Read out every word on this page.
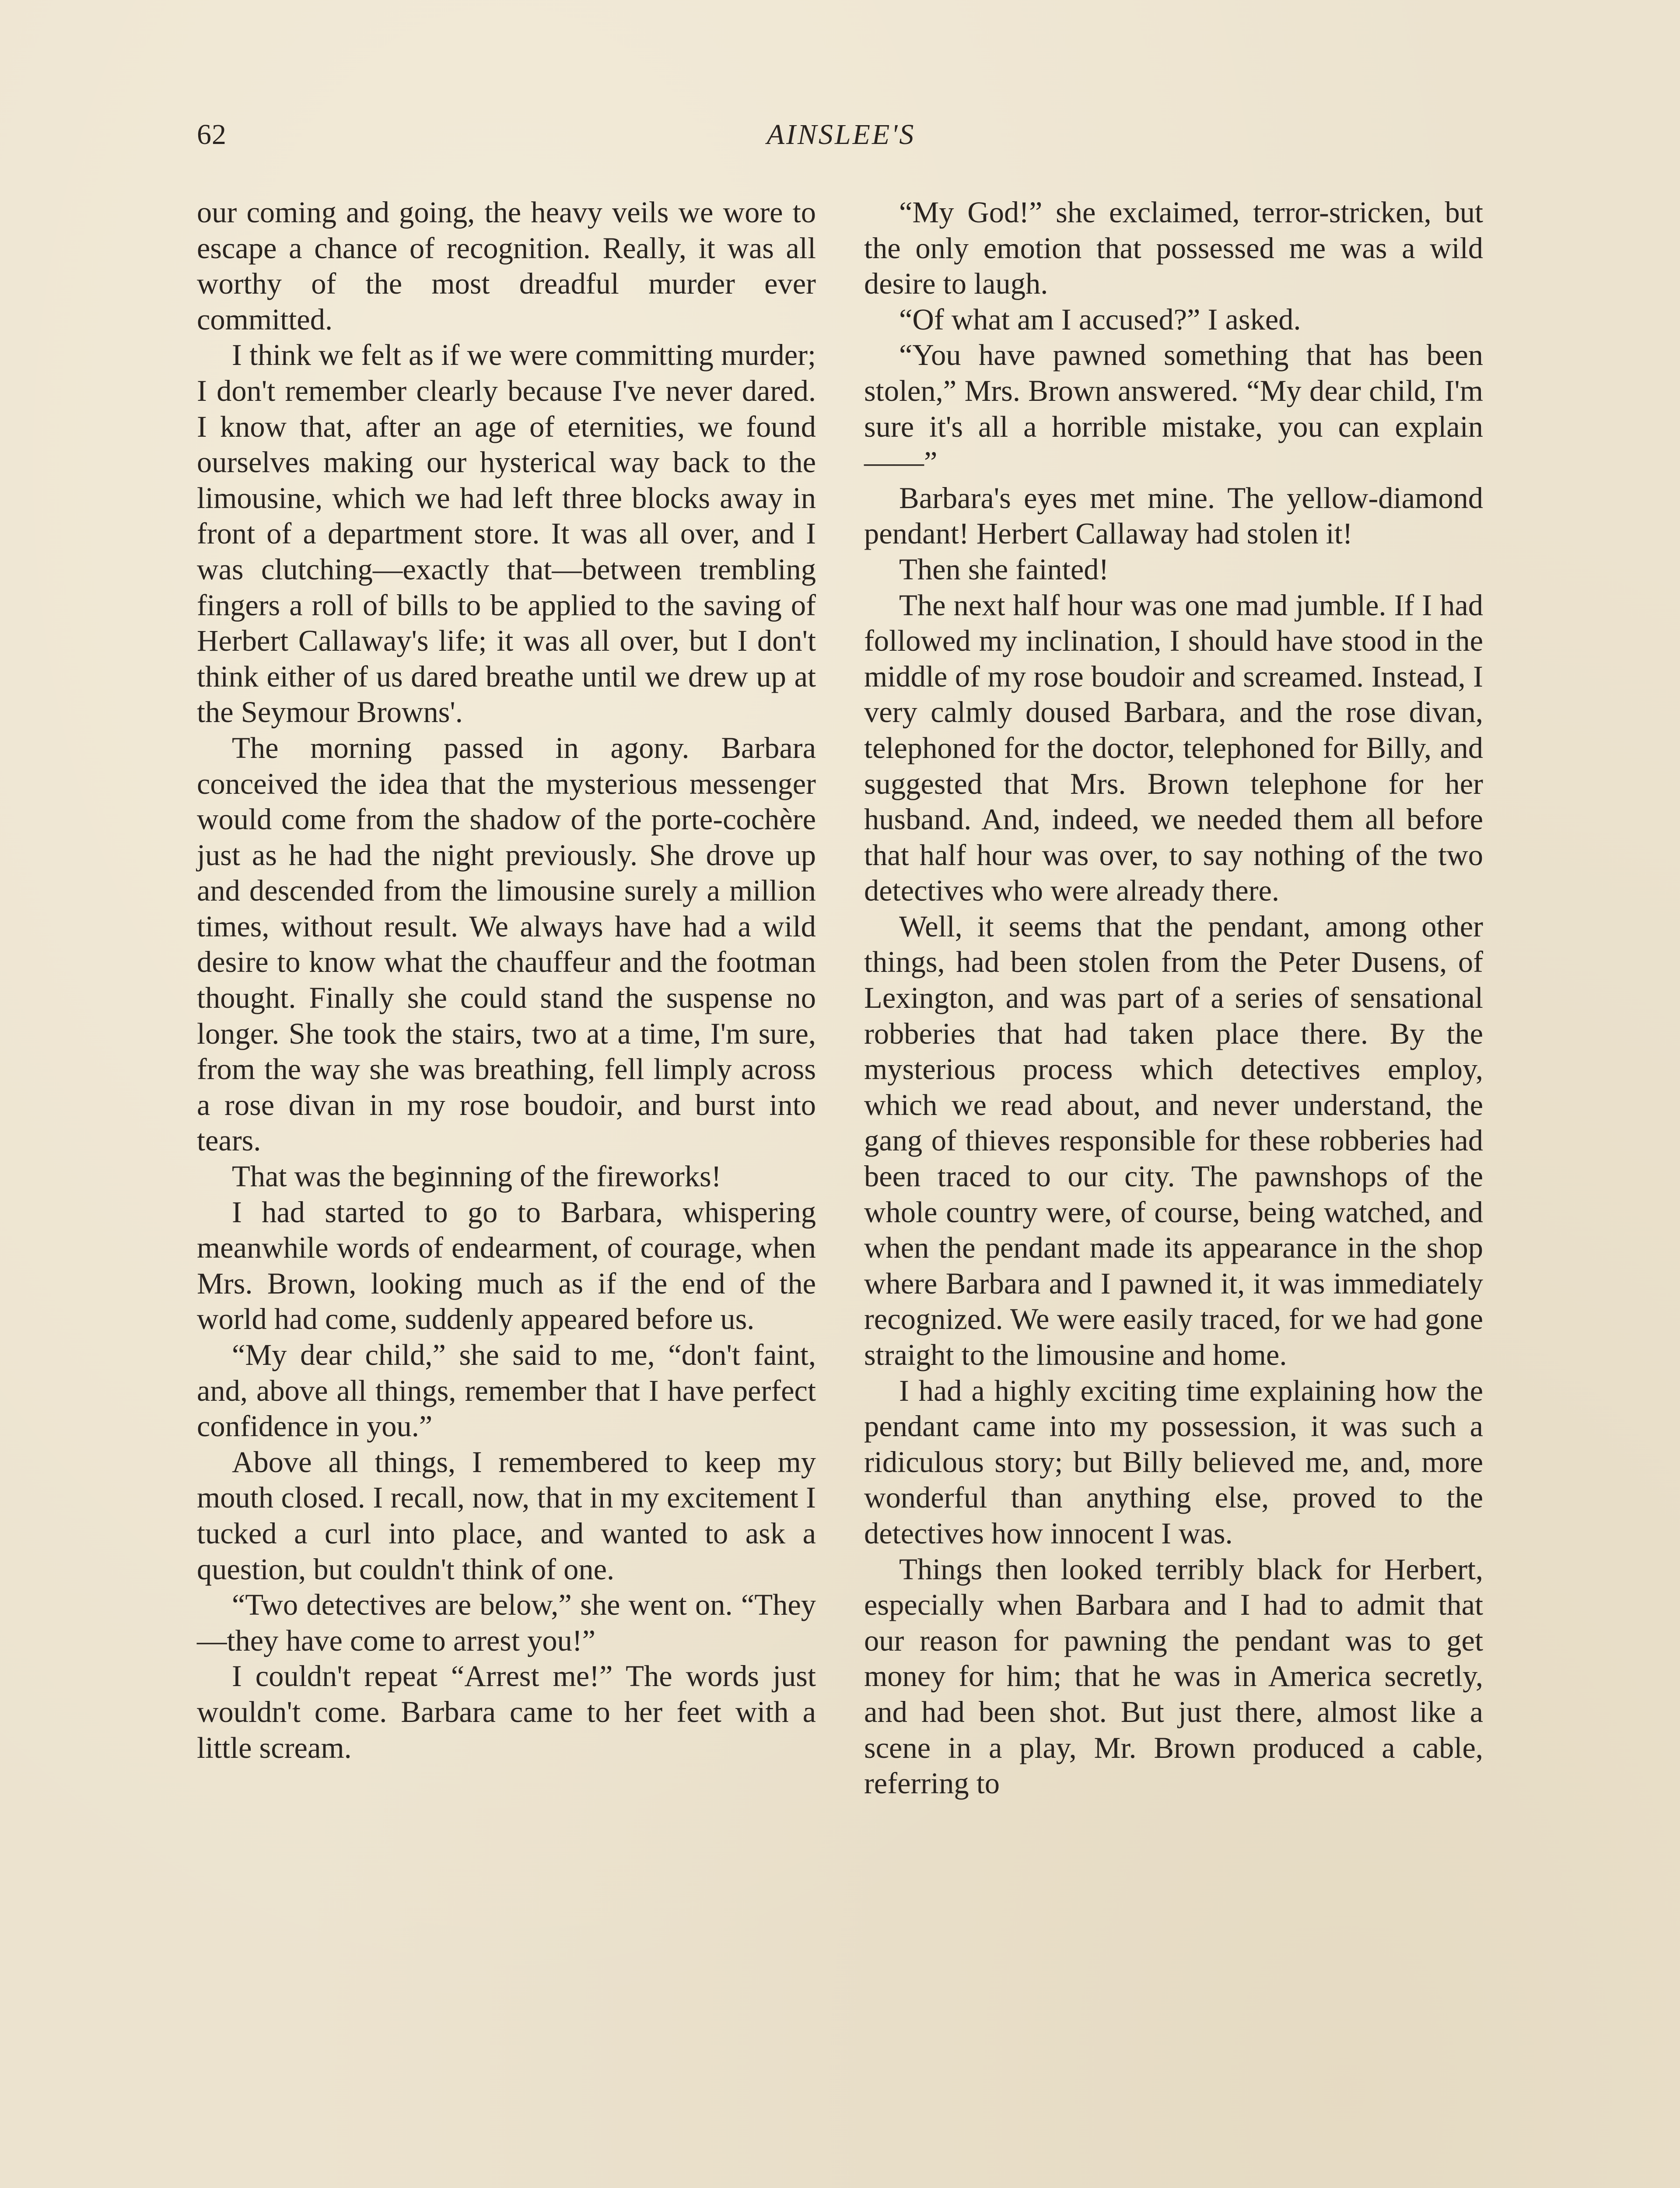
62	AINSLEE'S

our coming and going, the heavy veils we wore to escape a chance of recognition. Really, it was all worthy of the most dreadful murder ever committed.

I think we felt as if we were committing murder; I don't remember clearly because I've never dared. I know that, after an age of eternities, we found ourselves making our hysterical way back to the limousine, which we had left three blocks away in front of a department store. It was all over, and I was clutching—exactly that—between trembling fingers a roll of bills to be applied to the saving of Herbert Callaway's life; it was all over, but I don't think either of us dared breathe until we drew up at the Seymour Browns'.

The morning passed in agony. Barbara conceived the idea that the mysterious messenger would come from the shadow of the porte-cochère just as he had the night previously. She drove up and descended from the limousine surely a million times, without result. We always have had a wild desire to know what the chauffeur and the footman thought. Finally she could stand the suspense no longer. She took the stairs, two at a time, I'm sure, from the way she was breathing, fell limply across a rose divan in my rose boudoir, and burst into tears.

That was the beginning of the fireworks!

I had started to go to Barbara, whispering meanwhile words of endearment, of courage, when Mrs. Brown, looking much as if the end of the world had come, suddenly appeared before us.

“My dear child,” she said to me, “don't faint, and, above all things, remember that I have perfect confidence in you.”

Above all things, I remembered to keep my mouth closed. I recall, now, that in my excitement I tucked a curl into place, and wanted to ask a question, but couldn't think of one.

“Two detectives are below,” she went on. “They—they have come to arrest you!”

I couldn't repeat “Arrest me!” The words just wouldn't come. Barbara came to her feet with a little scream.

“My God!” she exclaimed, terror-stricken, but the only emotion that possessed me was a wild desire to laugh.

“Of what am I accused?” I asked.

“You have pawned something that has been stolen,” Mrs. Brown answered. “My dear child, I'm sure it's all a horrible mistake, you can explain——”

Barbara's eyes met mine. The yellow-diamond pendant! Herbert Callaway had stolen it!

Then she fainted!

The next half hour was one mad jumble. If I had followed my inclination, I should have stood in the middle of my rose boudoir and screamed. Instead, I very calmly doused Barbara, and the rose divan, telephoned for the doctor, telephoned for Billy, and suggested that Mrs. Brown telephone for her husband. And, indeed, we needed them all before that half hour was over, to say nothing of the two detectives who were already there.

Well, it seems that the pendant, among other things, had been stolen from the Peter Dusens, of Lexington, and was part of a series of sensational robberies that had taken place there. By the mysterious process which detectives employ, which we read about, and never understand, the gang of thieves responsible for these robberies had been traced to our city. The pawnshops of the whole country were, of course, being watched, and when the pendant made its appearance in the shop where Barbara and I pawned it, it was immediately recognized. We were easily traced, for we had gone straight to the limousine and home.

I had a highly exciting time explaining how the pendant came into my possession, it was such a ridiculous story; but Billy believed me, and, more wonderful than anything else, proved to the detectives how innocent I was.

Things then looked terribly black for Herbert, especially when Barbara and I had to admit that our reason for pawning the pendant was to get money for him; that he was in America secretly, and had been shot. But just there, almost like a scene in a play, Mr. Brown produced a cable, referring to
